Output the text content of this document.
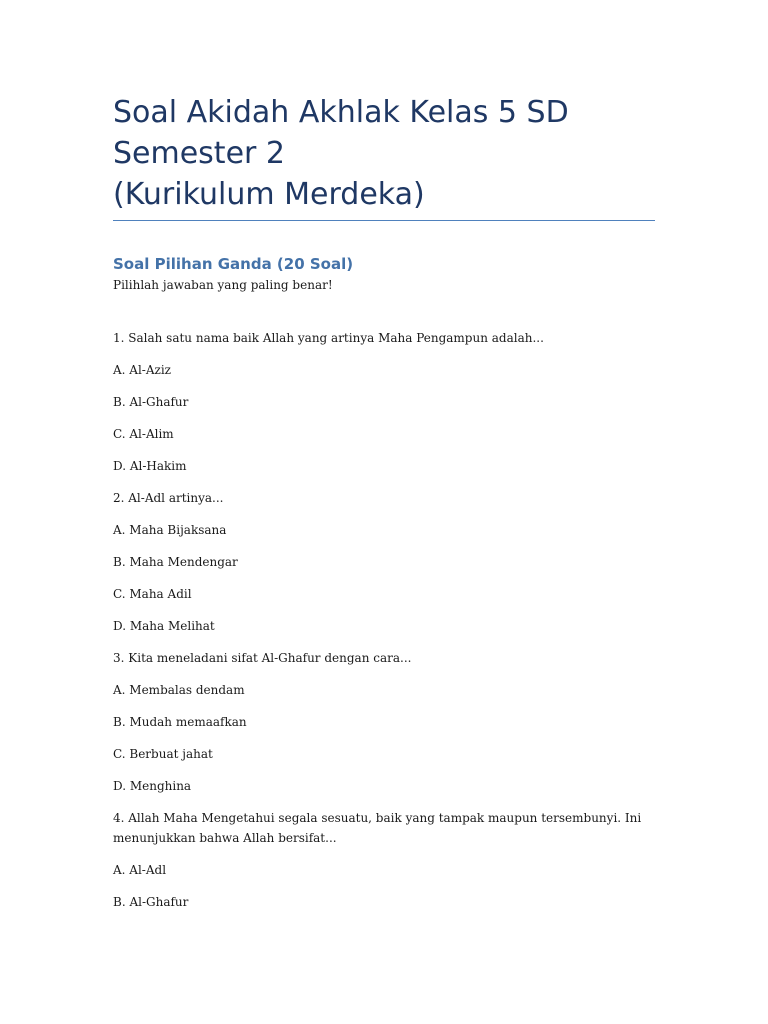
Soal Akidah Akhlak Kelas 5 SD Semester 2
(Kurikulum Merdeka)
Soal Pilihan Ganda (20 Soal)

Pilihlah jawaban yang paling benar!

1. Salah satu nama baik Allah yang artinya Maha Pengampun adalah...

A. Al-Aziz

B. Al-Ghafur

C. Al-Alim

D. Al-Hakim

2. Al-Adl artinya...

A. Maha Bijaksana

B. Maha Mendengar

C. Maha Adil

D. Maha Melihat

3. Kita meneladani sifat Al-Ghafur dengan cara...

A. Membalas dendam

B. Mudah memaafkan

C. Berbuat jahat

D. Menghina

4. Allah Maha Mengetahui segala sesuatu, baik yang tampak maupun tersembunyi. Ini menunjukkan bahwa Allah bersifat...

A. Al-Adl

B. Al-Ghafur
